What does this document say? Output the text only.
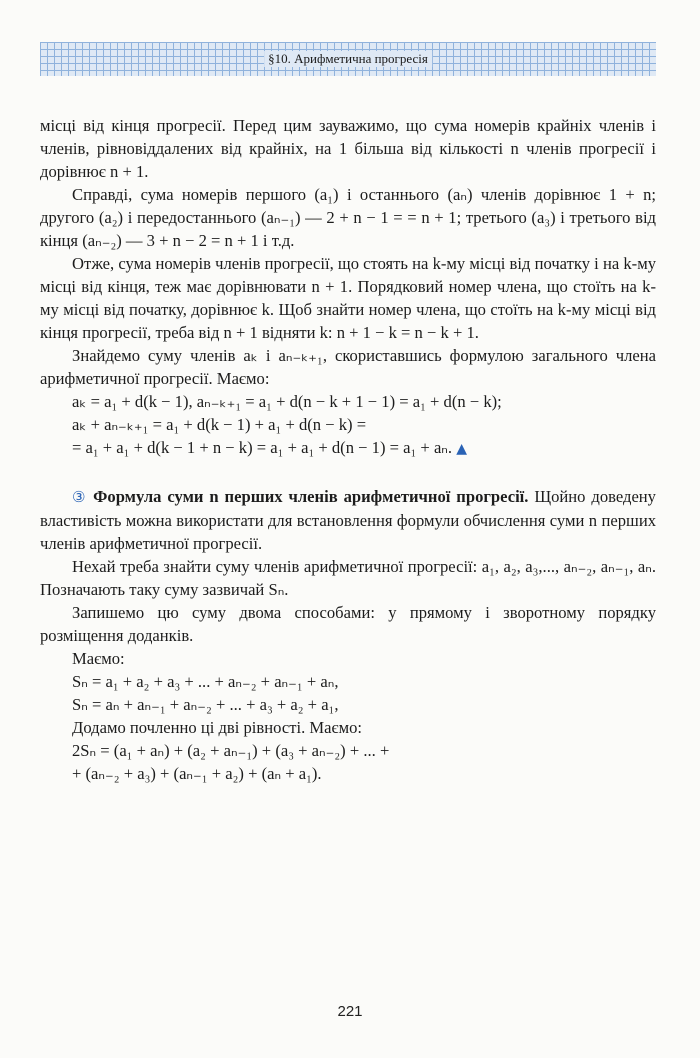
§10. Арифметична прогресія

місці від кінця прогресії. Перед цим зауважимо, що сума номерів крайніх членів і членів, рівновіддалених від крайніх, на 1 більша від кількості n членів прогресії і дорівнює n + 1.

Справді, сума номерів першого (a₁) і останнього (aₙ) членів дорівнює 1 + n; другого (a₂) і передостаннього (aₙ₋₁) — 2 + n − 1 = = n + 1; третього (a₃) і третього від кінця (aₙ₋₂) — 3 + n − 2 = n + 1 і т.д.

Отже, сума номерів членів прогресії, що стоять на k-му місці від початку і на k-му місці від кінця, теж має дорівнювати n + 1. Порядковий номер члена, що стоїть на k-му місці від початку, дорівнює k. Щоб знайти номер члена, що стоїть на k-му місці від кінця прогресії, треба від n + 1 відняти k: n + 1 − k = n − k + 1.

Знайдемо суму членів aₖ і aₙ₋ₖ₊₁, скориставшись формулою загального члена арифметичної прогресії. Маємо:

aₖ = a₁ + d(k − 1), aₙ₋ₖ₊₁ = a₁ + d(n − k + 1 − 1) = a₁ + d(n − k);
aₖ + aₙ₋ₖ₊₁ = a₁ + d(k − 1) + a₁ + d(n − k) =
= a₁ + a₁ + d(k − 1 + n − k) = a₁ + a₁ + d(n − 1) = a₁ + aₙ. ▲

③ Формула суми n перших членів арифметичної прогресії. Щойно доведену властивість можна використати для встановлення формули обчислення суми n перших членів арифметичної прогресії.

Нехай треба знайти суму членів арифметичної прогресії: a₁, a₂, a₃,..., aₙ₋₂, aₙ₋₁, aₙ. Позначають таку суму зазвичай Sₙ.

Запишемо цю суму двома способами: у прямому і зворотному порядку розміщення доданків.

Маємо:

Sₙ = a₁ + a₂ + a₃ + ... + aₙ₋₂ + aₙ₋₁ + aₙ,
Sₙ = aₙ + aₙ₋₁ + aₙ₋₂ + ... + a₃ + a₂ + a₁,

Додамо почленно ці дві рівності. Маємо:

2Sₙ = (a₁ + aₙ) + (a₂ + aₙ₋₁) + (a₃ + aₙ₋₂) + ... +
+ (aₙ₋₂ + a₃) + (aₙ₋₁ + a₂) + (aₙ + a₁).
221
